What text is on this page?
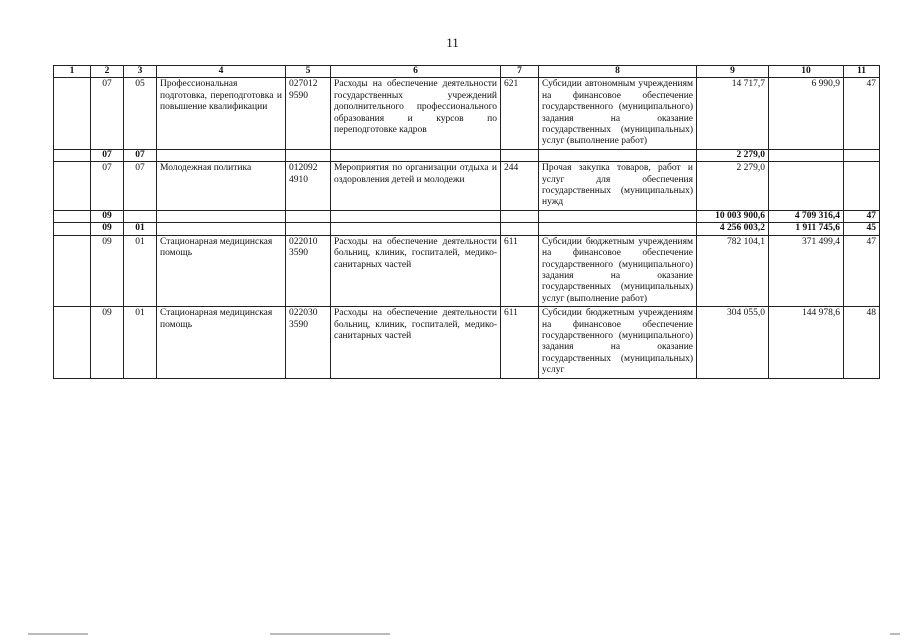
11
1	2	3	4	5	6	7	8	9	10	11
	07	05	Профессиональная подготовка, переподготовка и повышение квалификации	027012 9590	Расходы на обеспечение деятельности государственных учреждений дополнительного профессионального образования и курсов по переподготовке кадров	621	Субсидии автономным учреждениям на финансовое обеспечение государственного (муниципального) задания на оказание государственных (муниципальных) услуг (выполнение работ)	14 717,7	6 990,9	47
	07	07						2 279,0		
	07	07	Молодежная политика	012092 4910	Мероприятия по организации отдыха и оздоровления детей и молодежи	244	Прочая закупка товаров, работ и услуг для обеспечения государственных (муниципальных) нужд	2 279,0		
	09							10 003 900,6	4 709 316,4	47
	09	01						4 256 003,2	1 911 745,6	45
	09	01	Стационарная медицинская помощь	022010 3590	Расходы на обеспечение деятельности больниц, клиник, госпиталей, медико-санитарных частей	611	Субсидии бюджетным учреждениям на финансовое обеспечение государственного (муниципального) задания на оказание государственных (муниципальных) услуг (выполнение работ)	782 104,1	371 499,4	47
	09	01	Стационарная медицинская помощь	022030 3590	Расходы на обеспечение деятельности больниц, клиник, госпиталей, медико-санитарных частей	611	Субсидии бюджетным учреждениям на финансовое обеспечение государственного (муниципального) задания на оказание государственных (муниципальных) услуг	304 055,0	144 978,6	48
